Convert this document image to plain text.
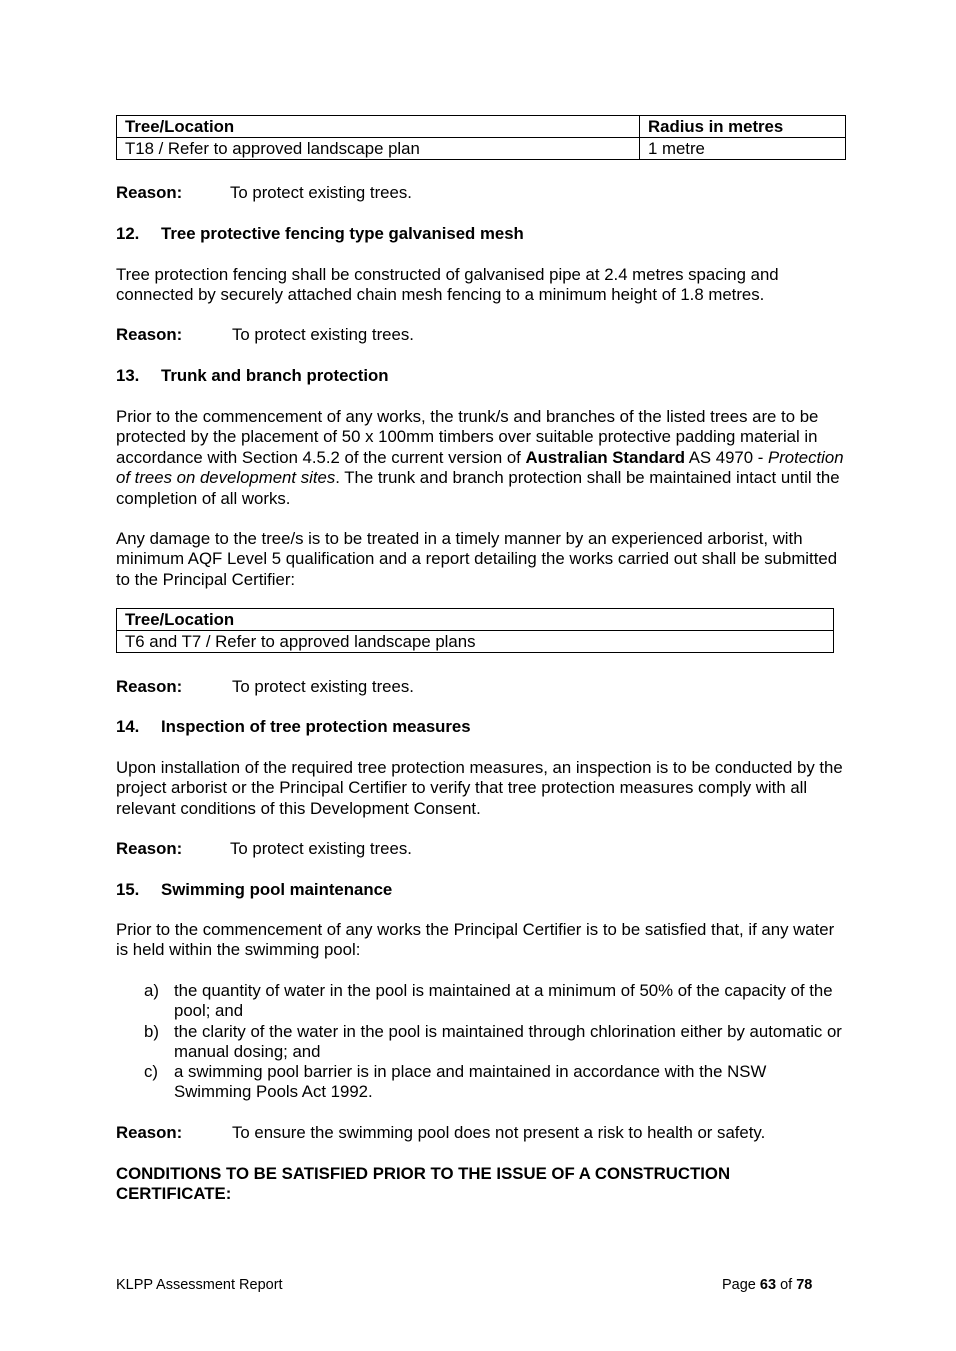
Tree/Location	Radius in metres
T18 / Refer to approved landscape plan	1 metre
Reason:	To protect existing trees.
12. Tree protective fencing type galvanised mesh
Tree protection fencing shall be constructed of galvanised pipe at 2.4 metres spacing and connected by securely attached chain mesh fencing to a minimum height of 1.8 metres.
Reason:	To protect existing trees.
13. Trunk and branch protection
Prior to the commencement of any works, the trunk/s and branches of the listed trees are to be protected by the placement of 50 x 100mm timbers over suitable protective padding material in accordance with Section 4.5.2 of the current version of Australian Standard AS 4970 - Protection of trees on development sites. The trunk and branch protection shall be maintained intact until the completion of all works.
Any damage to the tree/s is to be treated in a timely manner by an experienced arborist, with minimum AQF Level 5 qualification and a report detailing the works carried out shall be submitted to the Principal Certifier:
Tree/Location
T6 and T7 / Refer to approved landscape plans
Reason:	To protect existing trees.
14. Inspection of tree protection measures
Upon installation of the required tree protection measures, an inspection is to be conducted by the project arborist or the Principal Certifier to verify that tree protection measures comply with all relevant conditions of this Development Consent.
Reason:	To protect existing trees.
15. Swimming pool maintenance
Prior to the commencement of any works the Principal Certifier is to be satisfied that, if any water is held within the swimming pool:
a) the quantity of water in the pool is maintained at a minimum of 50% of the capacity of the pool; and
b) the clarity of the water in the pool is maintained through chlorination either by automatic or manual dosing; and
c) a swimming pool barrier is in place and maintained in accordance with the NSW Swimming Pools Act 1992.
Reason:	To ensure the swimming pool does not present a risk to health or safety.
CONDITIONS TO BE SATISFIED PRIOR TO THE ISSUE OF A CONSTRUCTION CERTIFICATE:
KLPP Assessment Report	Page 63 of 78
